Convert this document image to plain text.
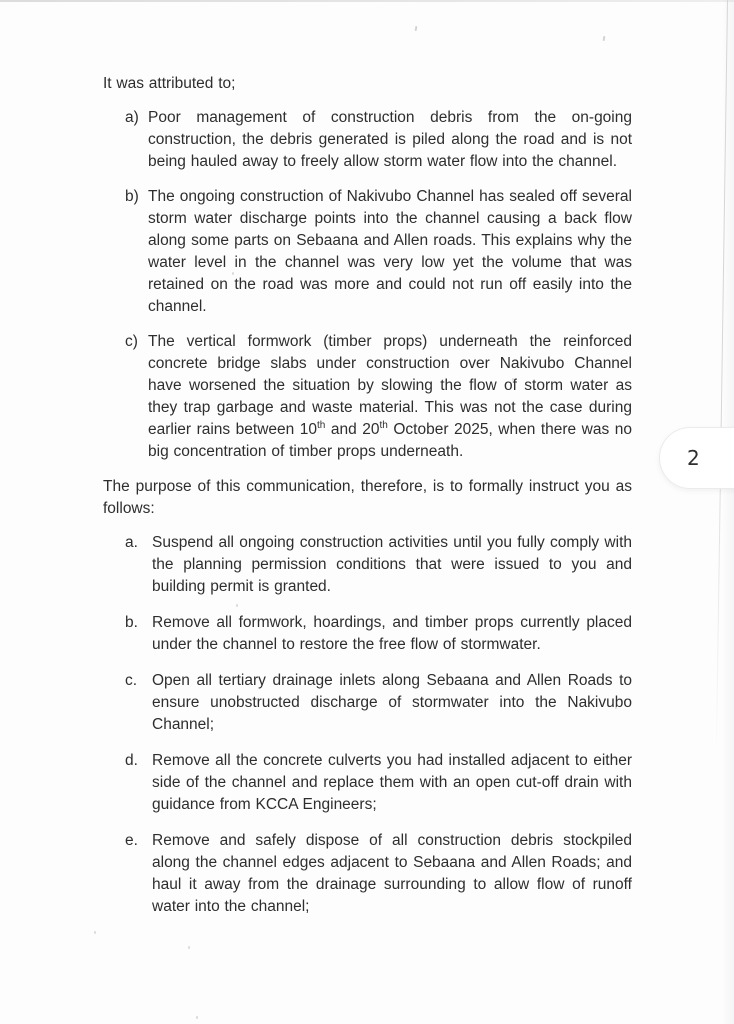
It was attributed to;

a) Poor management of construction debris from the on-going construction, the debris generated is piled along the road and is not being hauled away to freely allow storm water flow into the channel.
b) The ongoing construction of Nakivubo Channel has sealed off several storm water discharge points into the channel causing a back flow along some parts on Sebaana and Allen roads. This explains why the water level in the channel was very low yet the volume that was retained on the road was more and could not run off easily into the channel.
c) The vertical formwork (timber props) underneath the reinforced concrete bridge slabs under construction over Nakivubo Channel have worsened the situation by slowing the flow of storm water as they trap garbage and waste material. This was not the case during earlier rains between 10th and 20th October 2025, when there was no big concentration of timber props underneath.

The purpose of this communication, therefore, is to formally instruct you as follows:

a. Suspend all ongoing construction activities until you fully comply with the planning permission conditions that were issued to you and building permit is granted.
b. Remove all formwork, hoardings, and timber props currently placed under the channel to restore the free flow of stormwater.
c. Open all tertiary drainage inlets along Sebaana and Allen Roads to ensure unobstructed discharge of stormwater into the Nakivubo Channel;
d. Remove all the concrete culverts you had installed adjacent to either side of the channel and replace them with an open cut-off drain with guidance from KCCA Engineers;
e. Remove and safely dispose of all construction debris stockpiled along the channel edges adjacent to Sebaana and Allen Roads; and haul it away from the drainage surrounding to allow flow of runoff water into the channel;
2
